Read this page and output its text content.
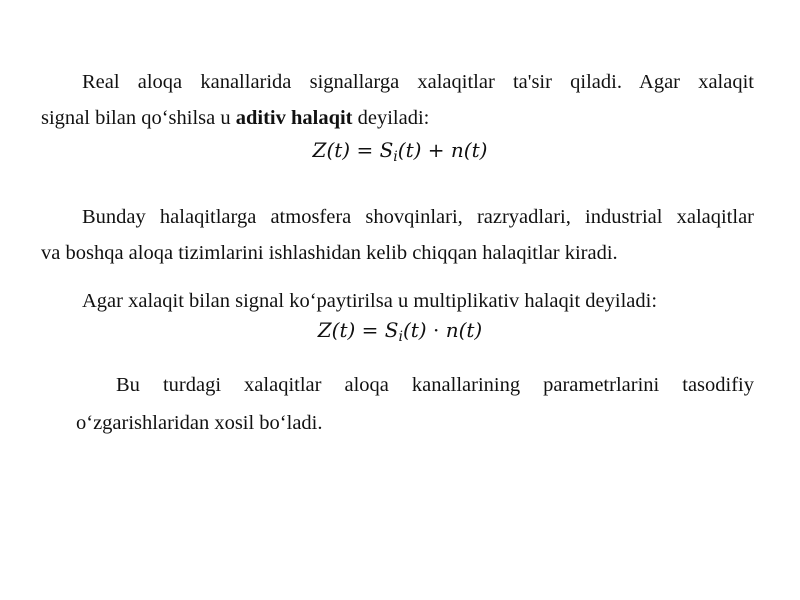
Real aloqa kanallarida signallarga xalaqitlar ta'sir qiladi. Agar xalaqit
signal bilan qo‘shilsa u aditiv halaqit deyiladi:
$Z(t) = S_i(t) + n(t)$
Bunday halaqitlarga atmosfera shovqinlari, razryadlari, industrial xalaqitlar
va boshqa aloqa tizimlarini ishlashidan kelib chiqqan halaqitlar kiradi.
Agar xalaqit bilan signal ko‘paytirilsa u multiplikativ halaqit deyiladi:
$Z(t) = S_i(t) \cdot n(t)$
Bu turdagi xalaqitlar aloqa kanallarining parametrlarini tasodifiy
o‘zgarishlaridan xosil bo‘ladi.
